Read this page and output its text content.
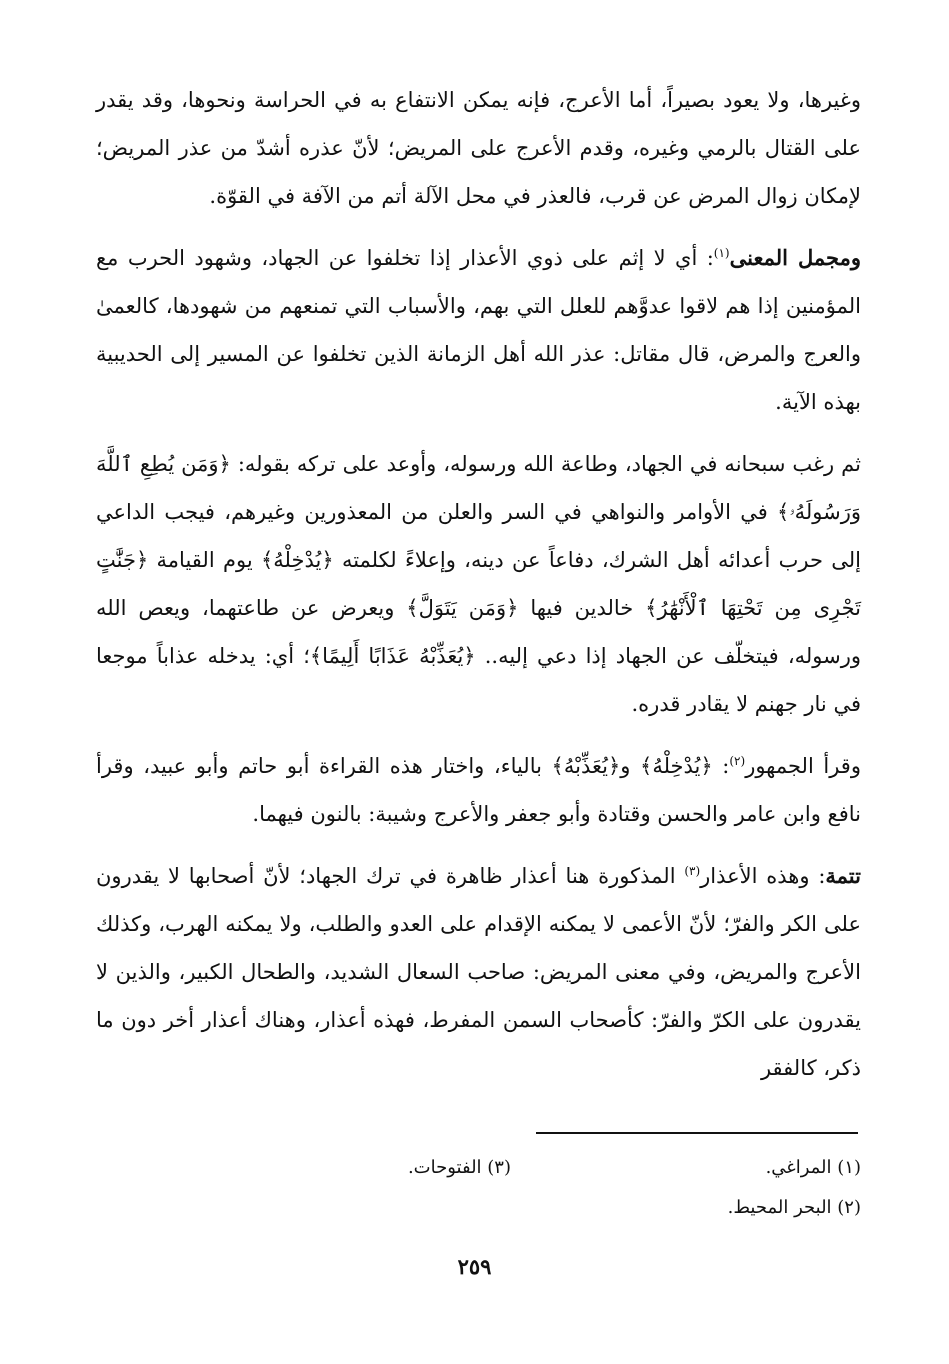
وغيرها، ولا يعود بصيراً، أما الأعرج، فإنه يمكن الانتفاع به في الحراسة ونحوها، وقد يقدر على القتال بالرمي وغيره، وقدم الأعرج على المريض؛ لأنّ عذره أشدّ من عذر المريض؛ لإمكان زوال المرض عن قرب، فالعذر في محل الآلة أتم من الآفة في القوّة.

ومجمل المعنى$^{(١)}$: أي لا إثم على ذوي الأعذار إذا تخلفوا عن الجهاد، وشهود الحرب مع المؤمنين إذا هم لاقوا عدوَّهم للعلل التي بهم، والأسباب التي تمنعهم من شهودها، كالعمىٰ والعرج والمرض، قال مقاتل: عذر الله أهل الزمانة الذين تخلفوا عن المسير إلى الحديبية بهذه الآية.

ثم رغب سبحانه في الجهاد، وطاعة الله ورسوله، وأوعد على تركه بقوله: ﴿وَمَن يُطِعِ ٱللَّهَ وَرَسُولَهُۥ﴾ في الأوامر والنواهي في السر والعلن من المعذورين وغيرهم، فيجب الداعي إلى حرب أعدائه أهل الشرك، دفاعاً عن دينه، وإعلاءً لكلمته ﴿يُدْخِلْهُ﴾ يوم القيامة ﴿جَنَّٰتٍ تَجْرِى مِن تَحْتِهَا ٱلْأَنْهَٰرُ﴾ خالدين فيها ﴿وَمَن يَتَوَلَّ﴾ ويعرض عن طاعتهما، ويعص الله ورسوله، فيتخلّف عن الجهاد إذا دعي إليه.. ﴿يُعَذِّبْهُ عَذَابًا أَلِيمًا﴾؛ أي: يدخله عذاباً موجعا في نار جهنم لا يقادر قدره.

وقرأ الجمهور$^{(٢)}$: ﴿يُدْخِلْهُ﴾ و﴿يُعَذِّبْهُ﴾ بالياء، واختار هذه القراءة أبو حاتم وأبو عبيد، وقرأ نافع وابن عامر والحسن وقتادة وأبو جعفر والأعرج وشيبة: بالنون فيهما.

تتمة: وهذه الأعذار$^{(٣)}$ المذكورة هنا أعذار ظاهرة في ترك الجهاد؛ لأنّ أصحابها لا يقدرون على الكر والفرّ؛ لأنّ الأعمى لا يمكنه الإقدام على العدو والطلب، ولا يمكنه الهرب، وكذلك الأعرج والمريض، وفي معنى المريض: صاحب السعال الشديد، والطحال الكبير، والذين لا يقدرون على الكرّ والفرّ: كأصحاب السمن المفرط، فهذه أعذار، وهناك أعذار أخر دون ما ذكر، كالفقر

(١) المراغي.
(٣) الفتوحات.
(٢) البحر المحيط.
٢٥٩
